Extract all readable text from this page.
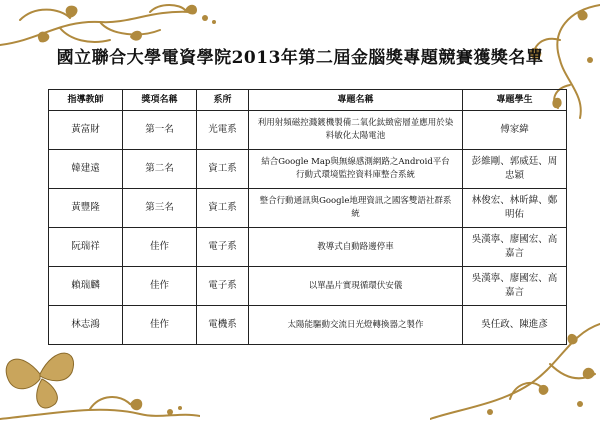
國立聯合大學電資學院2013年第二屆金腦獎專題競賽獲獎名單
指導教師	獎項名稱	系所	專題名稱	專題學生
黃富財	第一名	光電系	利用射頻磁控濺鍍機製備二氧化鈦緻密層並應用於染料敏化太陽電池	傅家緯
韓建遠	第二名	資工系	結合Google Map與無線感測網路之Android平台行動式環境監控資料庫整合系統	彭維剛、郭威廷、周忠穎
黃豐隆	第三名	資工系	整合行動通訊與Google地理資訊之國客雙語社群系統	林俊宏、林昕緯、鄭明佑
阮瑞祥	佳作	電子系	教導式自動路邊停車	吳漢寧、廖國宏、高嘉言
賴瑞麟	佳作	電子系	以單晶片實現循環伏安儀	吳漢寧、廖國宏、高嘉言
林志鴻	佳作	電機系	太陽能驅動交流日光燈轉換器之製作	吳任政、陳進彥
